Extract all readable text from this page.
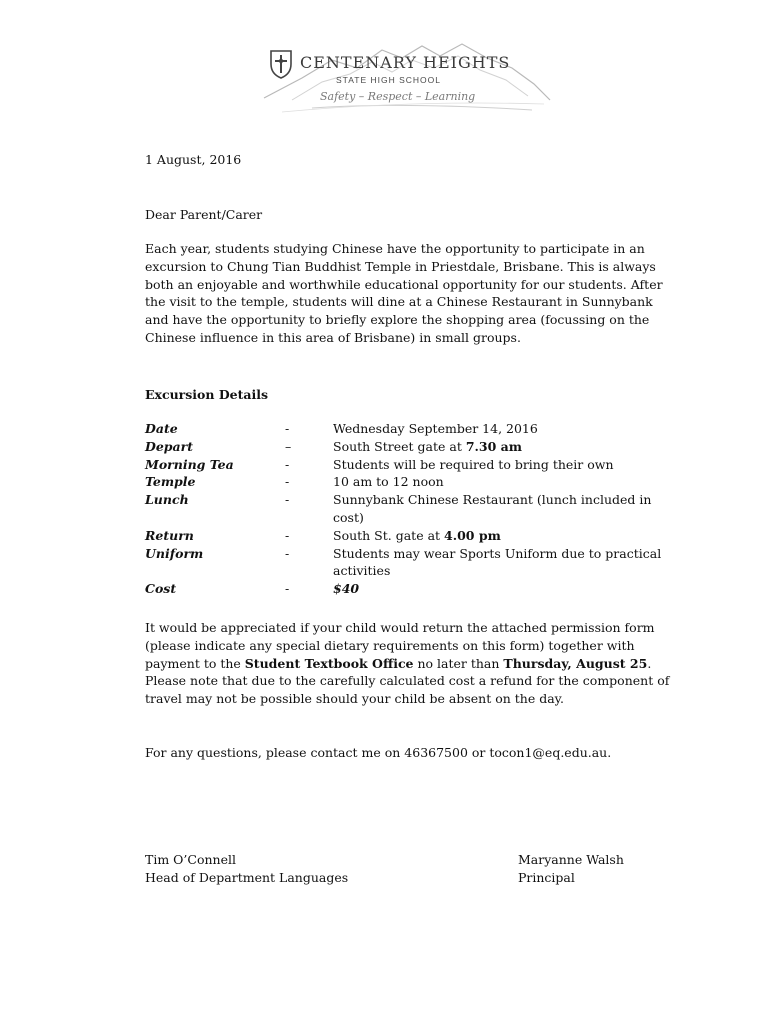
CENTENARY HEIGHTS
STATE HIGH SCHOOL
Safety – Respect – Learning
1 August, 2016
Dear Parent/Carer
Each year, students studying Chinese have the opportunity to participate in an excursion to Chung Tian Buddhist Temple in Priestdale, Brisbane. This is always both an enjoyable and worthwhile educational opportunity for our students. After the visit to the temple, students will dine at a Chinese Restaurant in Sunnybank and have the opportunity to briefly explore the shopping area (focussing on the Chinese influence in this area of Brisbane) in small groups.
Excursion Details
Date	-	Wednesday September 14, 2016
Depart	–	South Street gate at 7.30 am
Morning Tea	-	Students will be required to bring their own
Temple	-	10 am to 12 noon
Lunch	-	Sunnybank Chinese Restaurant (lunch included in cost)
Return	-	South St. gate at 4.00 pm
Uniform	-	Students may wear Sports Uniform due to practical activities
Cost	-	$40
It would be appreciated if your child would return the attached permission form (please indicate any special dietary requirements on this form) together with payment to the Student Textbook Office no later than Thursday, August 25. Please note that due to the carefully calculated cost a refund for the component of travel may not be possible should your child be absent on the day.
For any questions, please contact me on 46367500 or tocon1@eq.edu.au.
Tim O’Connell
Head of Department Languages
Maryanne Walsh
Principal
